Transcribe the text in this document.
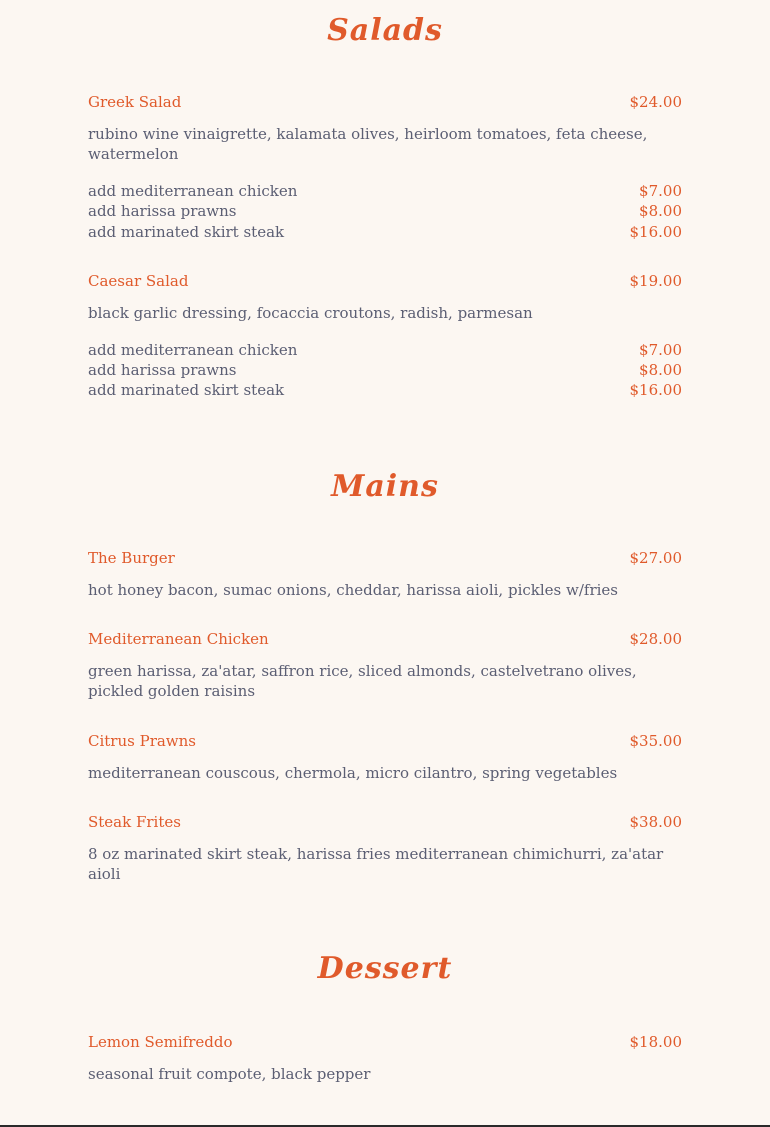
Salads
Greek Salad	$24.00

rubino wine vinaigrette, kalamata olives, heirloom tomatoes, feta cheese, watermelon

add mediterranean chicken	$7.00
add harissa prawns	$8.00
add marinated skirt steak	$16.00
Caesar Salad	$19.00

black garlic dressing, focaccia croutons, radish, parmesan

add mediterranean chicken	$7.00
add harissa prawns	$8.00
add marinated skirt steak	$16.00
Mains
The Burger	$27.00

hot honey bacon, sumac onions, cheddar, harissa aioli, pickles w/fries

Mediterranean Chicken	$28.00

green harissa, za'atar, saffron rice, sliced almonds, castelvetrano olives, pickled golden raisins

Citrus Prawns	$35.00

mediterranean couscous, chermola, micro cilantro, spring vegetables

Steak Frites	$38.00

8 oz marinated skirt steak, harissa fries mediterranean chimichurri, za'atar aioli

Dessert
Lemon Semifreddo	$18.00

seasonal fruit compote, black pepper
